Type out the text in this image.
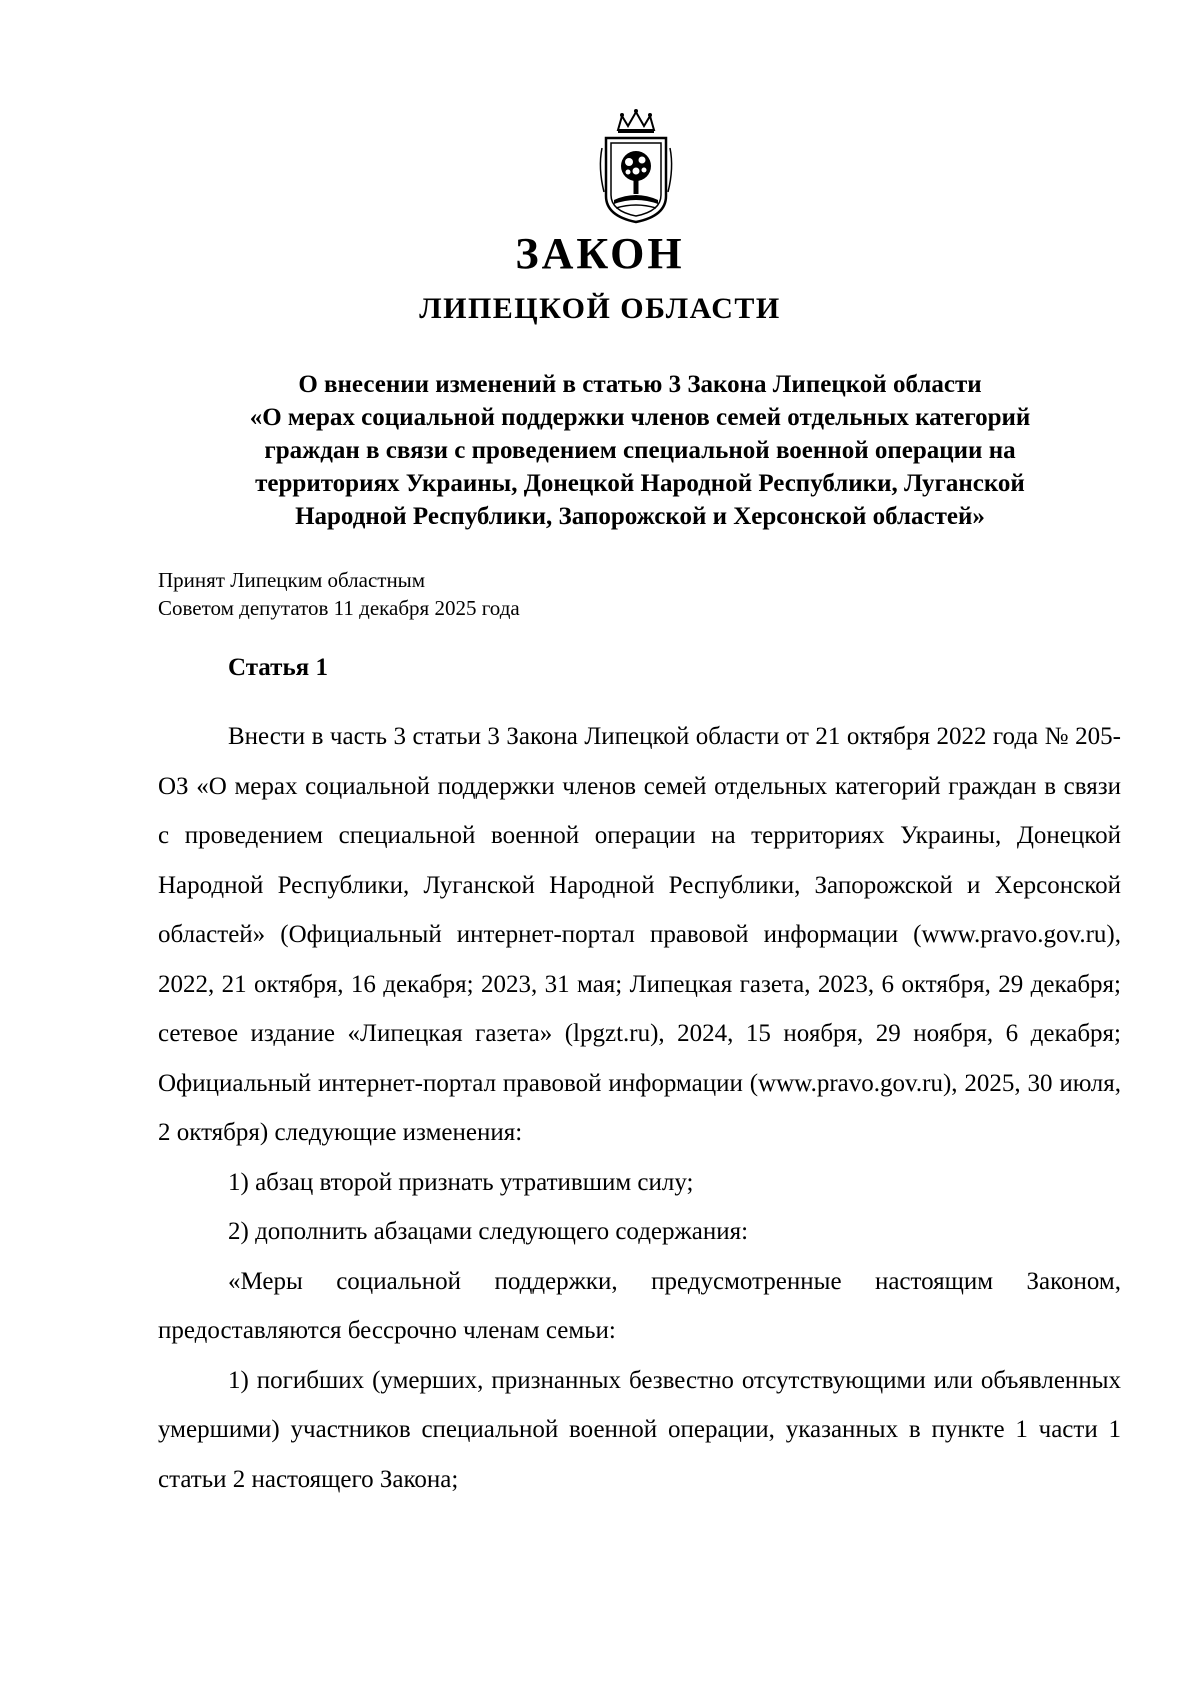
ЗАКОН
ЛИПЕЦКОЙ ОБЛАСТИ
О внесении изменений в статью 3 Закона Липецкой области
«О мерах социальной поддержки членов семей отдельных категорий
граждан в связи с проведением специальной военной операции на
территориях Украины, Донецкой Народной Республики, Луганской
Народной Республики, Запорожской и Херсонской областей»
Принят Липецким областным
Советом депутатов 11 декабря 2025 года
Статья 1

Внести в часть 3 статьи 3 Закона Липецкой области от 21 октября 2022 года № 205-ОЗ «О мерах социальной поддержки членов семей отдельных категорий граждан в связи с проведением специальной военной операции на территориях Украины, Донецкой Народной Республики, Луганской Народной Республики, Запорожской и Херсонской областей» (Официальный интернет-портал правовой информации (www.pravo.gov.ru), 2022, 21 октября, 16 декабря; 2023, 31 мая; Липецкая газета, 2023, 6 октября, 29 декабря; сетевое издание «Липецкая газета» (lpgzt.ru), 2024, 15 ноября, 29 ноября, 6 декабря; Официальный интернет-портал правовой информации (www.pravo.gov.ru), 2025, 30 июля, 2 октября) следующие изменения:

1) абзац второй признать утратившим силу;

2) дополнить абзацами следующего содержания:

«Меры социальной поддержки, предусмотренные настоящим Законом, предоставляются бессрочно членам семьи:

1) погибших (умерших, признанных безвестно отсутствующими или объявленных умершими) участников специальной военной операции, указанных в пункте 1 части 1 статьи 2 настоящего Закона;
